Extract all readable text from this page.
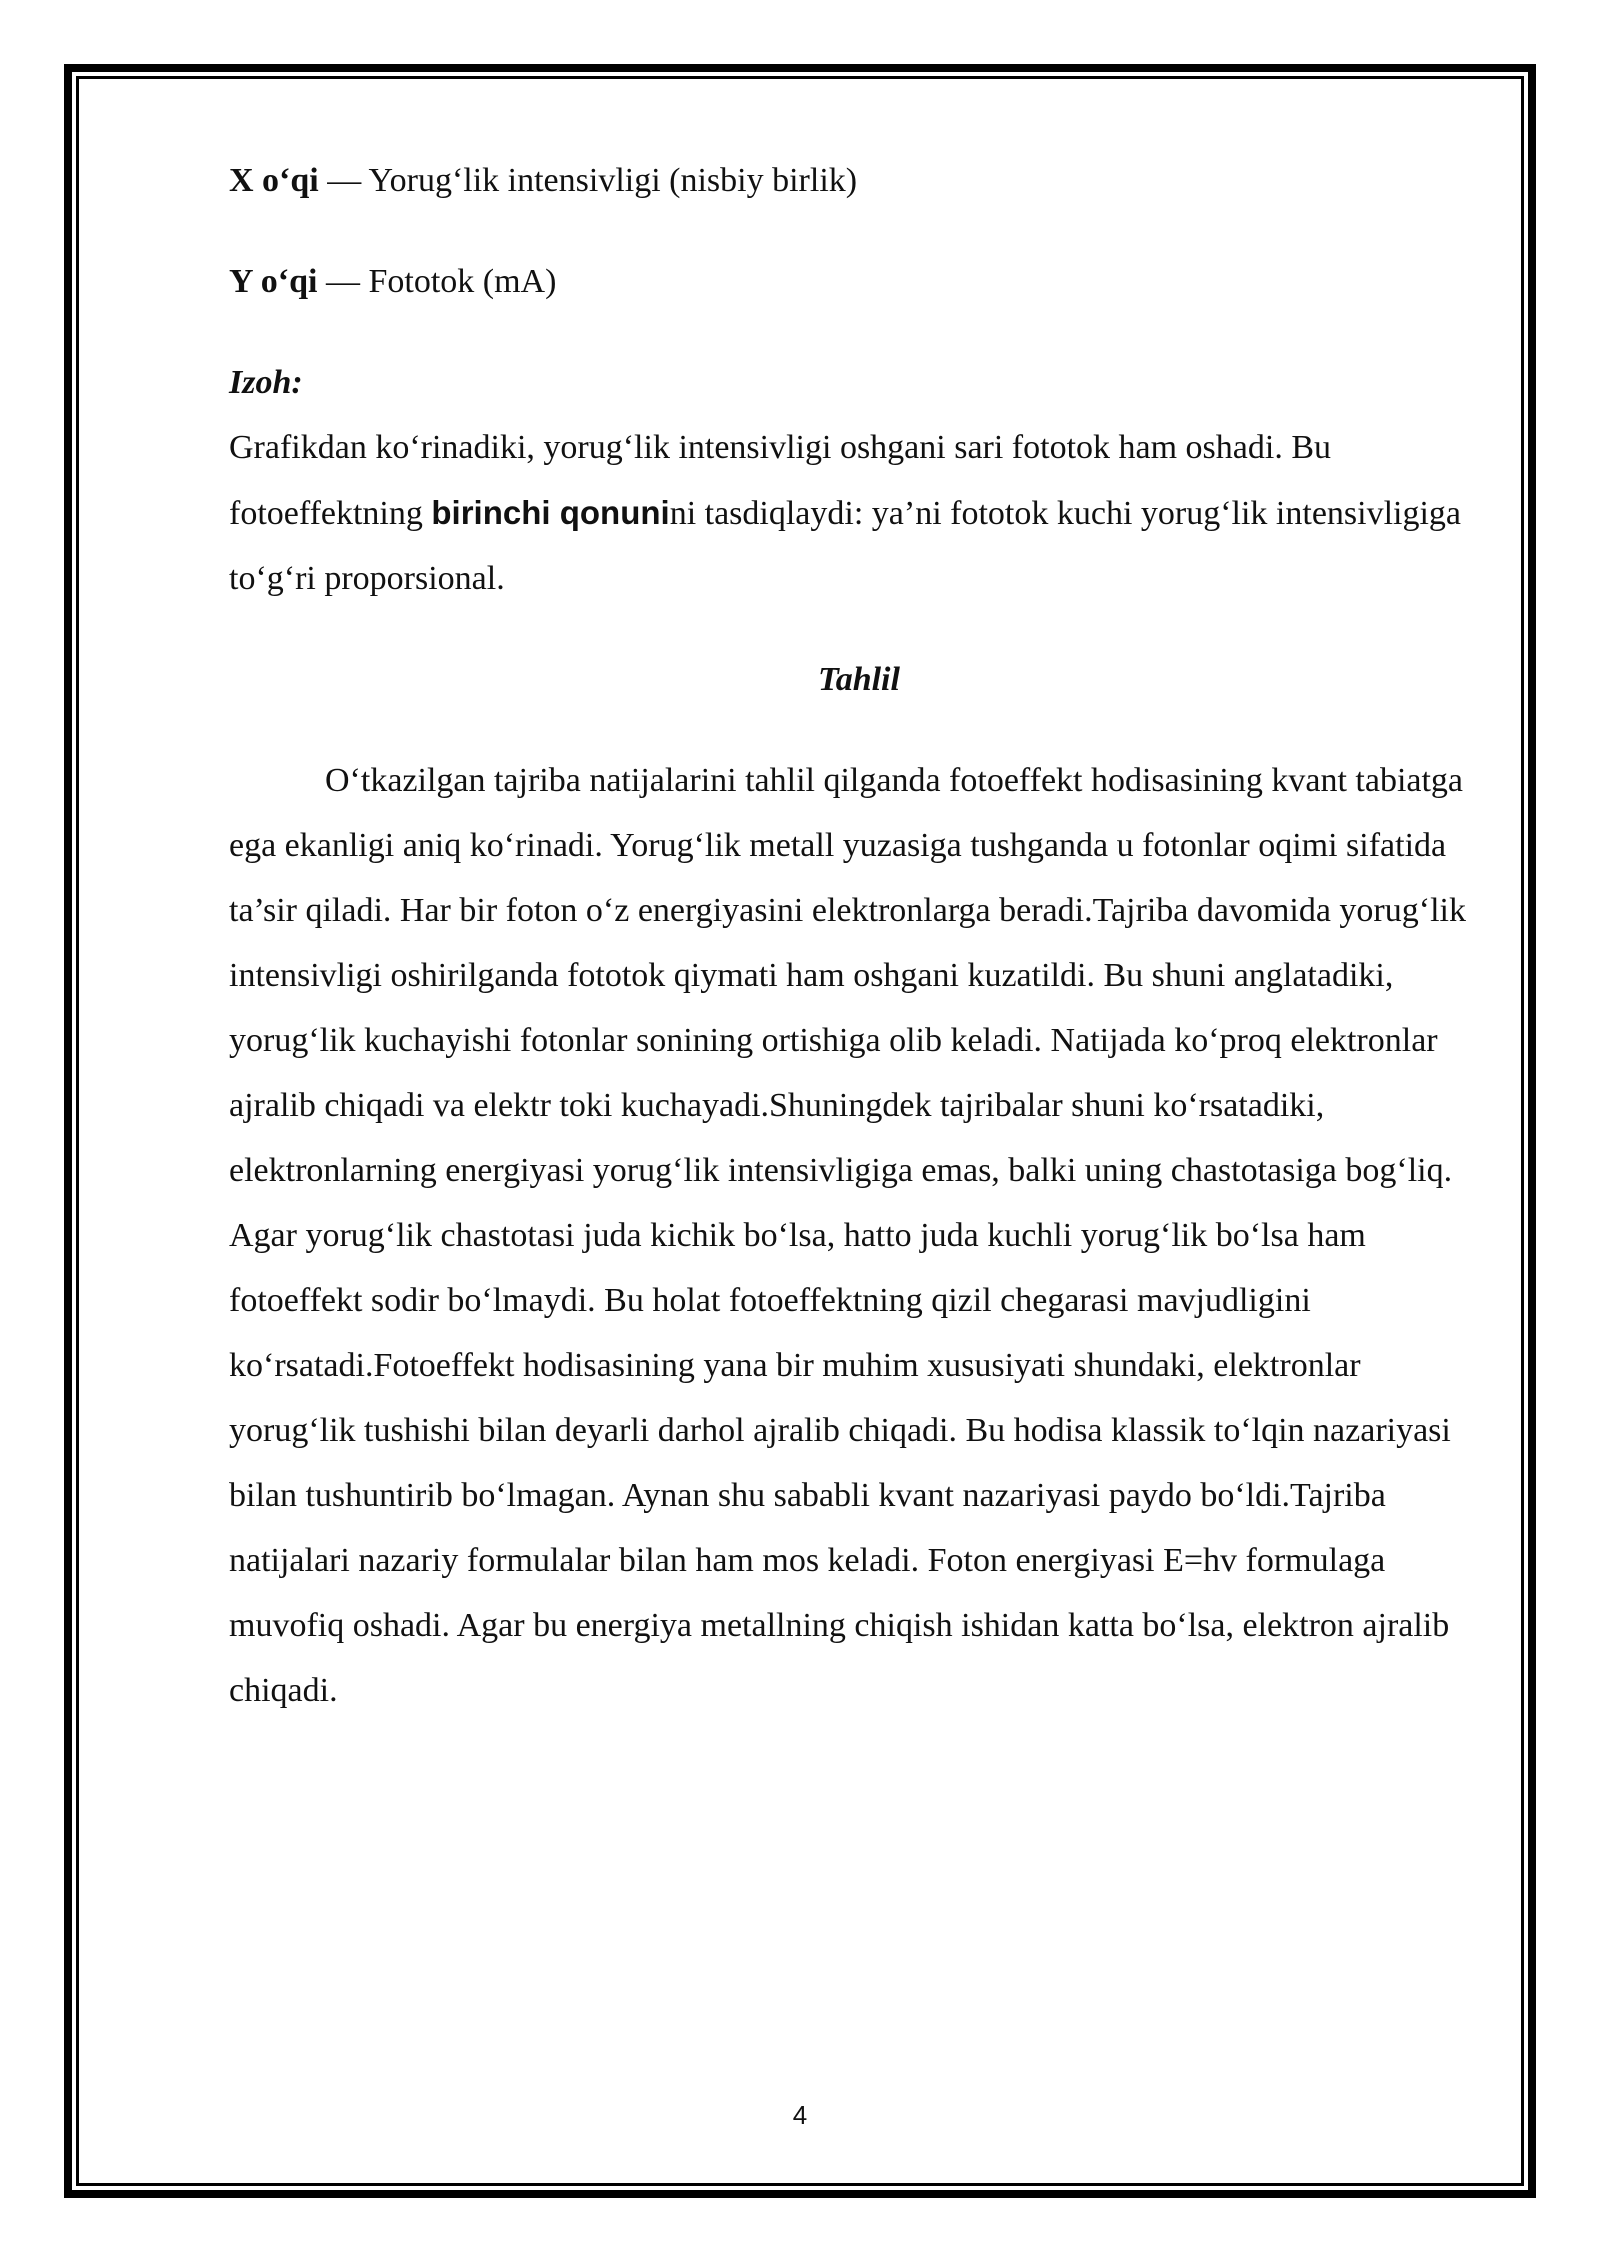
X o‘qi — Yorug‘lik intensivligi (nisbiy birlik)

Y o‘qi — Fototok (mA)

Izoh:

Grafikdan ko‘rinadiki, yorug‘lik intensivligi oshgani sari fototok ham oshadi. Bu fotoeffektning birinchi qonunini tasdiqlaydi: ya’ni fototok kuchi yorug‘lik intensivligiga to‘g‘ri proporsional.

Tahlil

O‘tkazilgan tajriba natijalarini tahlil qilganda fotoeffekt hodisasining kvant tabiatga ega ekanligi aniq ko‘rinadi. Yorug‘lik metall yuzasiga tushganda u fotonlar oqimi sifatida ta’sir qiladi. Har bir foton o‘z energiyasini elektronlarga beradi.Tajriba davomida yorug‘lik intensivligi oshirilganda fototok qiymati ham oshgani kuzatildi. Bu shuni anglatadiki, yorug‘lik kuchayishi fotonlar sonining ortishiga olib keladi. Natijada ko‘proq elektronlar ajralib chiqadi va elektr toki kuchayadi.Shuningdek tajribalar shuni ko‘rsatadiki, elektronlarning energiyasi yorug‘lik intensivligiga emas, balki uning chastotasiga bog‘liq. Agar yorug‘lik chastotasi juda kichik bo‘lsa, hatto juda kuchli yorug‘lik bo‘lsa ham fotoeffekt sodir bo‘lmaydi. Bu holat fotoeffektning qizil chegarasi mavjudligini ko‘rsatadi.Fotoeffekt hodisasining yana bir muhim xususiyati shundaki, elektronlar yorug‘lik tushishi bilan deyarli darhol ajralib chiqadi. Bu hodisa klassik to‘lqin nazariyasi bilan tushuntirib bo‘lmagan. Aynan shu sababli kvant nazariyasi paydo bo‘ldi.Tajriba natijalari nazariy formulalar bilan ham mos keladi. Foton energiyasi E=hv formulaga muvofiq oshadi. Agar bu energiya metallning chiqish ishidan katta bo‘lsa, elektron ajralib chiqadi.

4
